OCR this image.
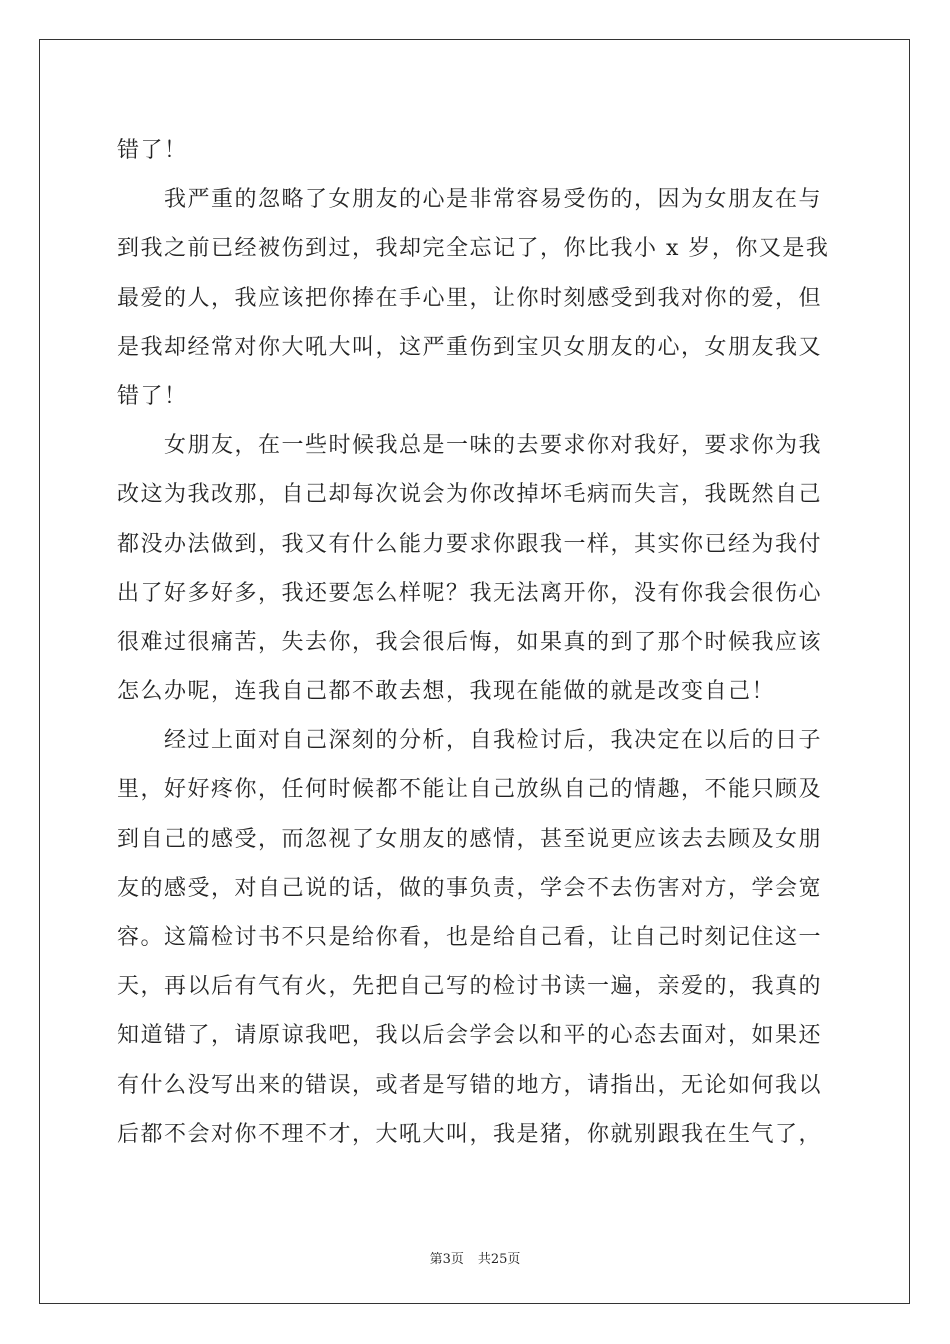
错了！
　　我严重的忽略了女朋友的心是非常容易受伤的，因为女朋友在与
到我之前已经被伤到过，我却完全忘记了，你比我小 x 岁，你又是我
最爱的人，我应该把你捧在手心里，让你时刻感受到我对你的爱，但
是我却经常对你大吼大叫，这严重伤到宝贝女朋友的心，女朋友我又
错了！
　　女朋友，在一些时候我总是一味的去要求你对我好，要求你为我
改这为我改那，自己却每次说会为你改掉坏毛病而失言，我既然自己
都没办法做到，我又有什么能力要求你跟我一样，其实你已经为我付
出了好多好多，我还要怎么样呢？我无法离开你，没有你我会很伤心
很难过很痛苦，失去你，我会很后悔，如果真的到了那个时候我应该
怎么办呢，连我自己都不敢去想，我现在能做的就是改变自己！
　　经过上面对自己深刻的分析，自我检讨后，我决定在以后的日子
里，好好疼你，任何时候都不能让自己放纵自己的情趣，不能只顾及
到自己的感受，而忽视了女朋友的感情，甚至说更应该去去顾及女朋
友的感受，对自己说的话，做的事负责，学会不去伤害对方，学会宽
容。这篇检讨书不只是给你看，也是给自己看，让自己时刻记住这一
天，再以后有气有火，先把自己写的检讨书读一遍，亲爱的，我真的
知道错了，请原谅我吧，我以后会学会以和平的心态去面对，如果还
有什么没写出来的错误，或者是写错的地方，请指出，无论如何我以
后都不会对你不理不才，大吼大叫，我是猪，你就别跟我在生气了，
第3页 共25页
